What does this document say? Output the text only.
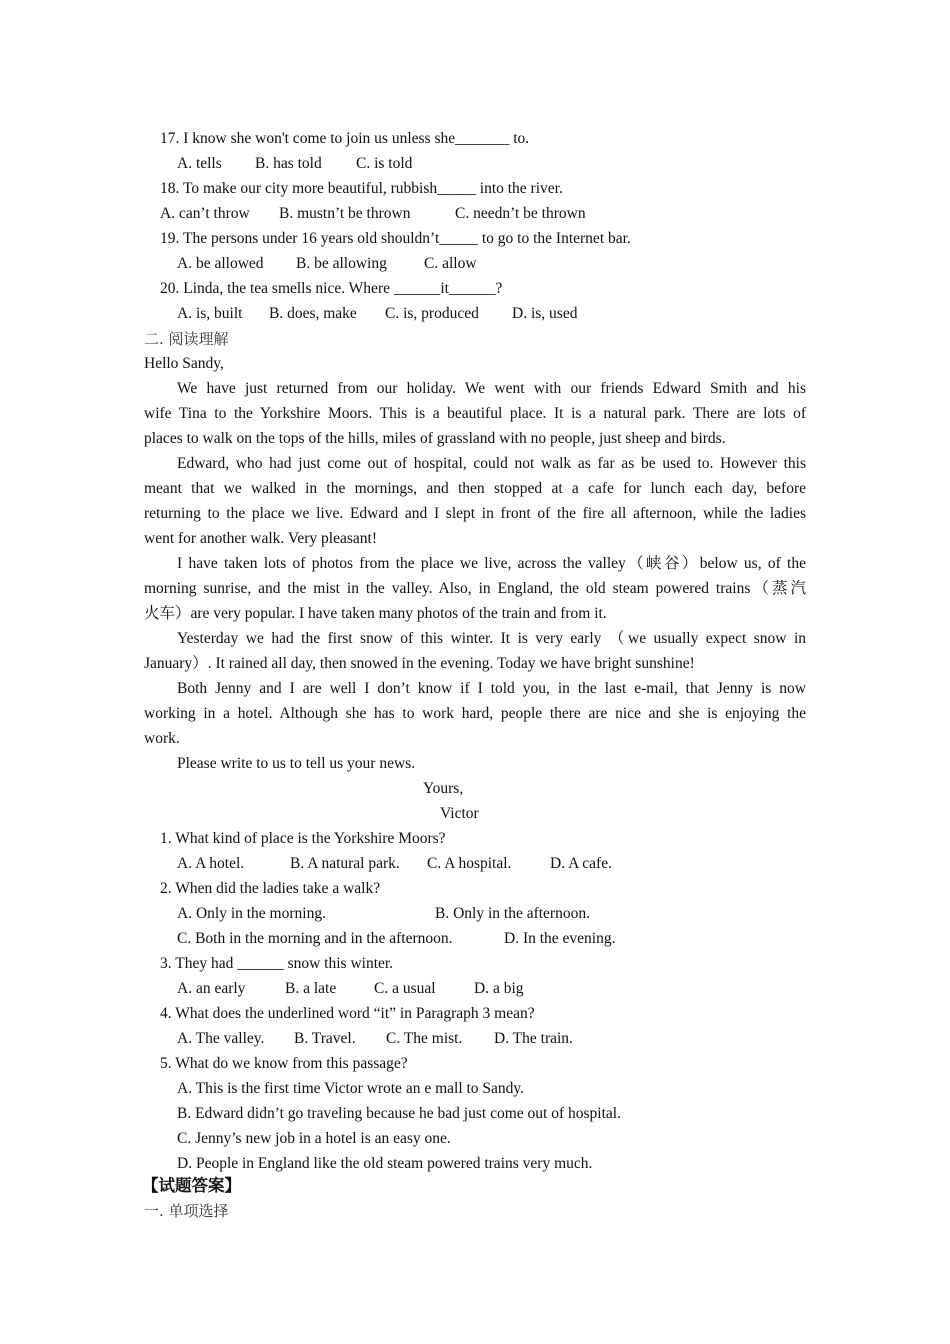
17. I know she won't come to join us unless she_______ to.
A. tells B. has told C. is told
18. To make our city more beautiful, rubbish_____ into the river.
A. can’t throw B. mustn’t be thrown	C. needn’t be thrown
19. The persons under 16 years old shouldn’t_____ to go to the Internet bar.
A. be allowed B. be allowing C. allow
20. Linda, the tea smells nice. Where ______it______?
A. is, built B. does, make C. is, produced D. is, used
二. 阅读理解
Hello Sandy,
We have just returned from our holiday. We went with our friends Edward Smith and his
wife Tina to the Yorkshire Moors. This is a beautiful place. It is a natural park. There are lots of
places to walk on the tops of the hills, miles of grassland with no people, just sheep and birds.
Edward, who had just come out of hospital, could not walk as far as be used to. However this
meant that we walked in the mornings, and then stopped at a cafe for lunch each day, before
returning to the place we live. Edward and I slept in front of the fire all afternoon, while the ladies
went for another walk. Very pleasant!
I have taken lots of photos from the place we live, across the valley（峡谷）below us, of the
morning sunrise, and the mist in the valley. Also, in England, the old steam powered trains（蒸汽
火车）are very popular. I have taken many photos of the train and from it.
Yesterday we had the first snow of this winter. It is very early （we usually expect snow in
January）. It rained all day, then snowed in the evening. Today we have bright sunshine!
Both Jenny and I are well I don’t know if I told you, in the last e-mail, that Jenny is now
working in a hotel. Although she has to work hard, people there are nice and she is enjoying the
work.
Please write to us to tell us your news.
Yours,
Victor
1. What kind of place is the Yorkshire Moors?
A. A hotel.	B. A natural park. C. A hospital. D. A cafe.
2. When did the ladies take a walk?
A. Only in the morning.	B. Only in the afternoon.
C. Both in the morning and in the afternoon.	D. In the evening.
3. They had ______ snow this winter.
A. an early	B. a late C. a usual D. a big
4. What does the underlined word “it” in Paragraph 3 mean?
A. The valley. B. Travel. C. The mist. D. The train.
5. What do we know from this passage?
A. This is the first time Victor wrote an e mall to Sandy.
B. Edward didn’t go traveling because he bad just come out of hospital.
C. Jenny’s new job in a hotel is an easy one.
D. People in England like the old steam powered trains very much.
【试题答案】
一. 单项选择
